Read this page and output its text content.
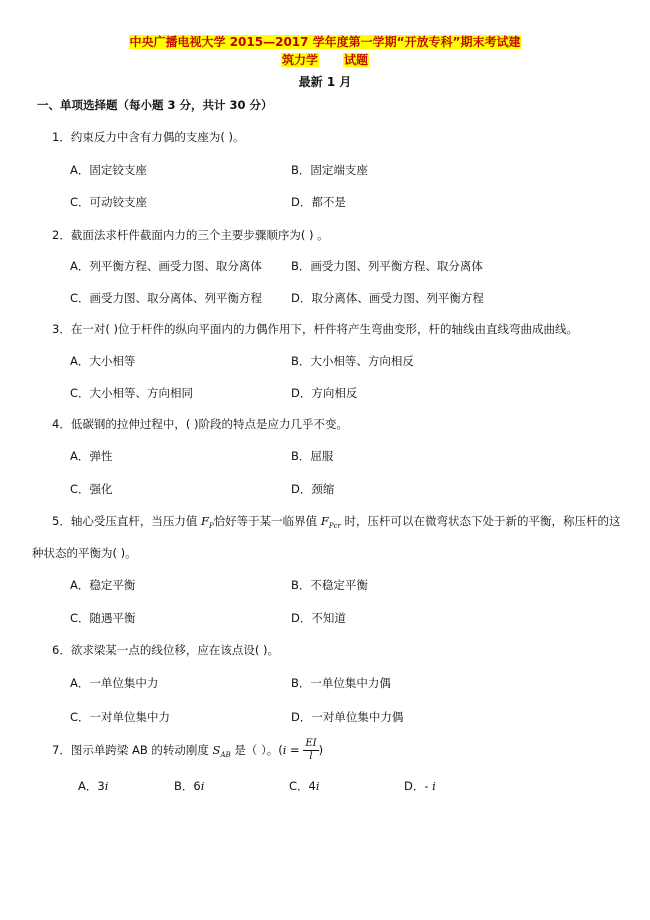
中央广播电视大学 2015—2017 学年度第一学期“开放专科”期末考试建
筑力学 试题
最新 1 月
一、单项选择题（每小题 3 分，共计 30 分）
1．约束反力中含有力偶的支座为( )。
A．固定铰支座	B．固定端支座
C．可动铰支座	D．都不是
2．截面法求杆件截面内力的三个主要步骤顺序为( ) 。
A．列平衡方程、画受力图、取分离体	B．画受力图、列平衡方程、取分离体
C．画受力图、取分离体、列平衡方程	D．取分离体、画受力图、列平衡方程
3．在一对( )位于杆件的纵向平面内的力偶作用下，杆件将产生弯曲变形，杆的轴线由直线弯曲成曲线。
A．大小相等	B．大小相等、方向相反
C．大小相等、方向相同	D．方向相反
4．低碳钢的拉伸过程中，( )阶段的特点是应力几乎不变。
A．弹性	B．屈服
C．强化	D．颈缩
5．轴心受压直杆，当压力值 $F_P$恰好等于某一临界值 $F_{Pcr}$ 时，压杆可以在微弯状态下处于新的平衡，称压杆的这
种状态的平衡为( )。
A．稳定平衡	B．不稳定平衡
C．随遇平衡	D．不知道
6．欲求梁某一点的线位移，应在该点设( )。
A．一单位集中力	B．一单位集中力偶
C．一对单位集中力	D．一对单位集中力偶
7．图示单跨梁 AB 的转动刚度 $S_{AB}$ 是（ ）。($i = \frac{EI}{l}$ )
A．3i	B．6i	C．4i	D．- i
